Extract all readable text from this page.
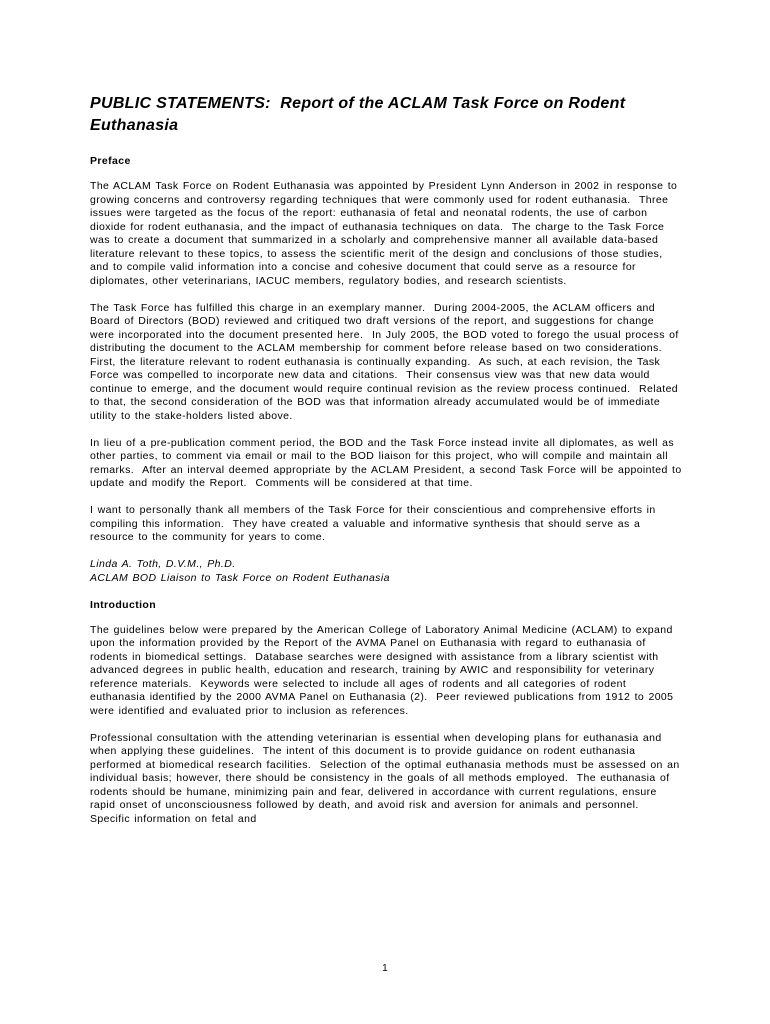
PUBLIC STATEMENTS:  Report of the ACLAM Task Force on Rodent Euthanasia
Preface

The ACLAM Task Force on Rodent Euthanasia was appointed by President Lynn Anderson in 2002 in response to growing concerns and controversy regarding techniques that were commonly used for rodent euthanasia.  Three issues were targeted as the focus of the report: euthanasia of fetal and neonatal rodents, the use of carbon dioxide for rodent euthanasia, and the impact of euthanasia techniques on data.  The charge to the Task Force was to create a document that summarized in a scholarly and comprehensive manner all available data-based literature relevant to these topics, to assess the scientific merit of the design and conclusions of those studies, and to compile valid information into a concise and cohesive document that could serve as a resource for diplomates, other veterinarians, IACUC members, regulatory bodies, and research scientists.

The Task Force has fulfilled this charge in an exemplary manner.  During 2004-2005, the ACLAM officers and Board of Directors (BOD) reviewed and critiqued two draft versions of the report, and suggestions for change were incorporated into the document presented here.  In July 2005, the BOD voted to forego the usual process of distributing the document to the ACLAM membership for comment before release based on two considerations.  First, the literature relevant to rodent euthanasia is continually expanding.  As such, at each revision, the Task Force was compelled to incorporate new data and citations.  Their consensus view was that new data would continue to emerge, and the document would require continual revision as the review process continued.  Related to that, the second consideration of the BOD was that information already accumulated would be of immediate utility to the stake-holders listed above.

In lieu of a pre-publication comment period, the BOD and the Task Force instead invite all diplomates, as well as other parties, to comment via email or mail to the BOD liaison for this project, who will compile and maintain all remarks.  After an interval deemed appropriate by the ACLAM President, a second Task Force will be appointed to update and modify the Report.  Comments will be considered at that time.

I want to personally thank all members of the Task Force for their conscientious and comprehensive efforts in compiling this information.  They have created a valuable and informative synthesis that should serve as a resource to the community for years to come.

Linda A. Toth, D.V.M., Ph.D.

ACLAM BOD Liaison to Task Force on Rodent Euthanasia

Introduction

The guidelines below were prepared by the American College of Laboratory Animal Medicine (ACLAM) to expand upon the information provided by the Report of the AVMA Panel on Euthanasia with regard to euthanasia of rodents in biomedical settings.  Database searches were designed with assistance from a library scientist with advanced degrees in public health, education and research, training by AWIC and responsibility for veterinary reference materials.  Keywords were selected to include all ages of rodents and all categories of rodent euthanasia identified by the 2000 AVMA Panel on Euthanasia (2).  Peer reviewed publications from 1912 to 2005 were identified and evaluated prior to inclusion as references.

Professional consultation with the attending veterinarian is essential when developing plans for euthanasia and when applying these guidelines.  The intent of this document is to provide guidance on rodent euthanasia performed at biomedical research facilities.  Selection of the optimal euthanasia methods must be assessed on an individual basis; however, there should be consistency in the goals of all methods employed.  The euthanasia of rodents should be humane, minimizing pain and fear, delivered in accordance with current regulations, ensure rapid onset of unconsciousness followed by death, and avoid risk and aversion for animals and personnel.  Specific information on fetal and

1
